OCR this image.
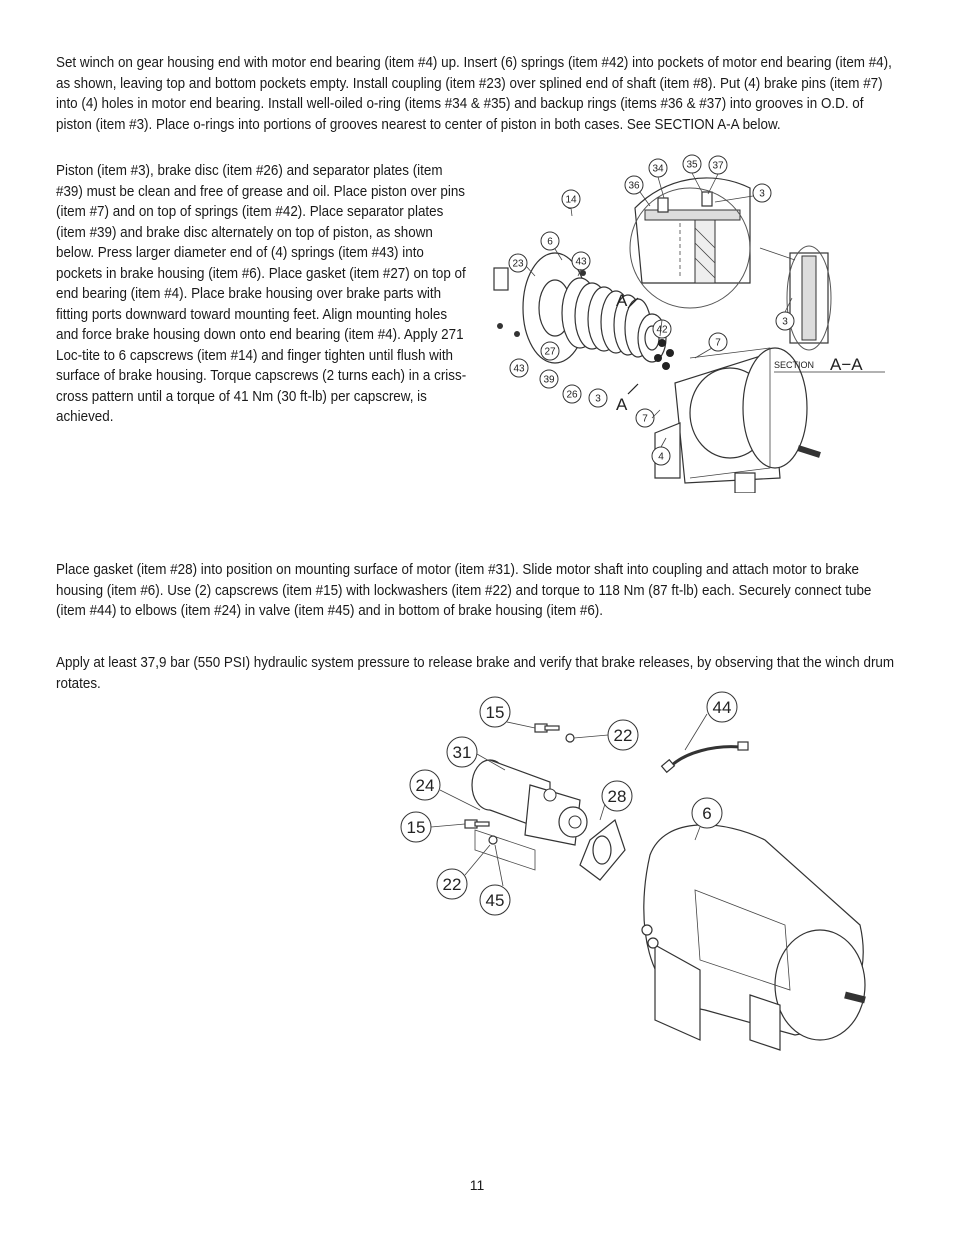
Set winch on gear housing end with motor end bearing (item #4) up. Insert (6) springs (item #42) into pockets of motor end bearing (item #4), as shown, leaving top and bottom pockets empty. Install coupling (item #23) over splined end of shaft (item #8). Put (4) brake pins (item #7) into (4) holes in motor end bearing. Install well-oiled o-ring (items #34 & #35) and backup rings (items #36 & #37) into grooves in O.D. of piston (item #3). Place o-rings into portions of grooves nearest to center of piston in both cases. See SECTION A-A below.
Piston (item #3), brake disc (item #26) and separator plates (item #39) must be clean and free of grease and oil. Place piston over pins (item #7) and on top of springs (item #42). Place separator plates (item #39) and brake disc alternately on top of piston, as shown below. Press larger diameter end of (4) springs (item #43) into pockets in brake housing (item #6). Place gasket (item #27) on top of end bearing (item #4). Place brake housing over brake parts with fitting ports downward toward mounting feet. Align mounting holes and force brake housing down onto end bearing (item #4). Apply 271 Loc-tite to 6 capscrews (item #14) and finger tighten until flush with surface of brake housing. Torque capscrews (2 turns each) in a criss-cross pattern until a torque of 41 Nm (30 ft-lb) per capscrew, is achieved.
A
A
SECTION A−A
34 35 37
36
3
14
6
23	43
42
7
27
39
26 3
43
7
4
3
Place gasket (item #28) into position on mounting surface of motor (item #31). Slide motor shaft into coupling and attach motor to brake housing (item #6). Use (2) capscrews (item #15) with lockwashers (item #22) and torque to 118 Nm (87 ft-lb) each. Securely connect tube (item #44) to elbows (item #24) in valve (item #45) and in bottom of brake housing (item #6).
Apply at least 37,9 bar (550 PSI) hydraulic system pressure to release brake and verify that brake releases, by observing that the winch drum rotates.
15	44
22
31
24
28
6
15
22
45
11
